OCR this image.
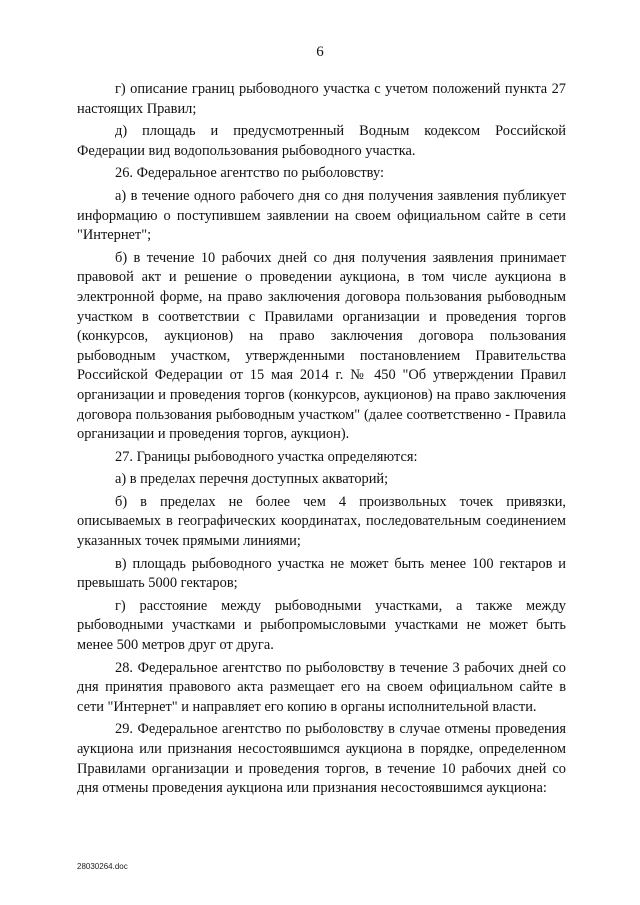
6

г) описание границ рыбоводного участка с учетом положений пункта 27 настоящих Правил;

д) площадь и предусмотренный Водным кодексом Российской Федерации вид водопользования рыбоводного участка.

26. Федеральное агентство по рыболовству:

а) в течение одного рабочего дня со дня получения заявления публикует информацию о поступившем заявлении на своем официальном сайте в сети "Интернет";

б) в течение 10 рабочих дней со дня получения заявления принимает правовой акт и решение о проведении аукциона, в том числе аукциона в электронной форме, на право заключения договора пользования рыбоводным участком в соответствии с Правилами организации и проведения торгов (конкурсов, аукционов) на право заключения договора пользования рыбоводным участком, утвержденными постановлением Правительства Российской Федерации от 15 мая 2014 г. № 450 "Об утверждении Правил организации и проведения торгов (конкурсов, аукционов) на право заключения договора пользования рыбоводным участком" (далее соответственно - Правила организации и проведения торгов, аукцион).

27. Границы рыбоводного участка определяются:

а) в пределах перечня доступных акваторий;

б) в пределах не более чем 4 произвольных точек привязки, описываемых в географических координатах, последовательным соединением указанных точек прямыми линиями;

в) площадь рыбоводного участка не может быть менее 100 гектаров и превышать 5000 гектаров;

г) расстояние между рыбоводными участками, а также между рыбоводными участками и рыбопромысловыми участками не может быть менее 500 метров друг от друга.

28. Федеральное агентство по рыболовству в течение 3 рабочих дней со дня принятия правового акта размещает его на своем официальном сайте в сети "Интернет" и направляет его копию в органы исполнительной власти.

29. Федеральное агентство по рыболовству в случае отмены проведения аукциона или признания несостоявшимся аукциона в порядке, определенном Правилами организации и проведения торгов, в течение 10 рабочих дней со дня отмены проведения аукциона или признания несостоявшимся аукциона:

28030264.doc
